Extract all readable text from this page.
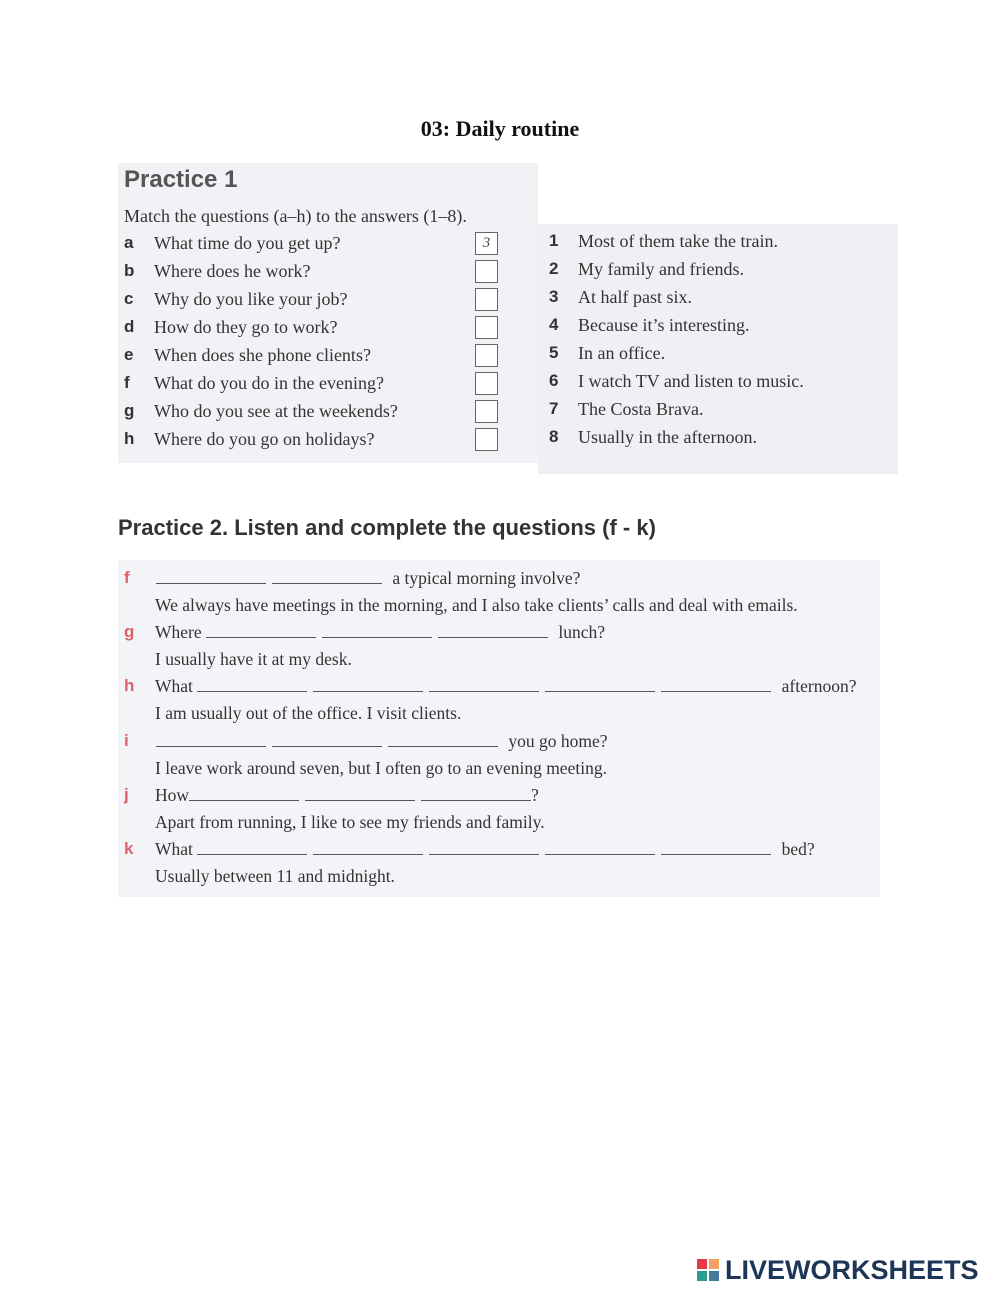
03: Daily routine
Practice 1
Match the questions (a–h) to the answers (1–8).
a	What time do you get up?	3
b	Where does he work?
c	Why do you like your job?
d	How do they go to work?
e	When does she phone clients?
f	What do you do in the evening?
g	Who do you see at the weekends?
h	Where do you go on holidays?
1	Most of them take the train.
2	My family and friends.
3	At half past six.
4	Because it’s interesting.
5	In an office.
6	I watch TV and listen to music.
7	The Costa Brava.
8	Usually in the afternoon.
Practice 2. Listen and complete the questions (f - k)
f	a typical morning involve?
We always have meetings in the morning, and I also take clients’ calls and deal with emails.
g Where	lunch?
I usually have it at my desk.
h What	afternoon?
I am usually out of the office. I visit clients.
i	you go home?
I leave work around seven, but I often go to an evening meeting.
j How	?
Apart from running, I like to see my friends and family.
k What	bed?
Usually between 11 and midnight.
LIVEWORKSHEETS
